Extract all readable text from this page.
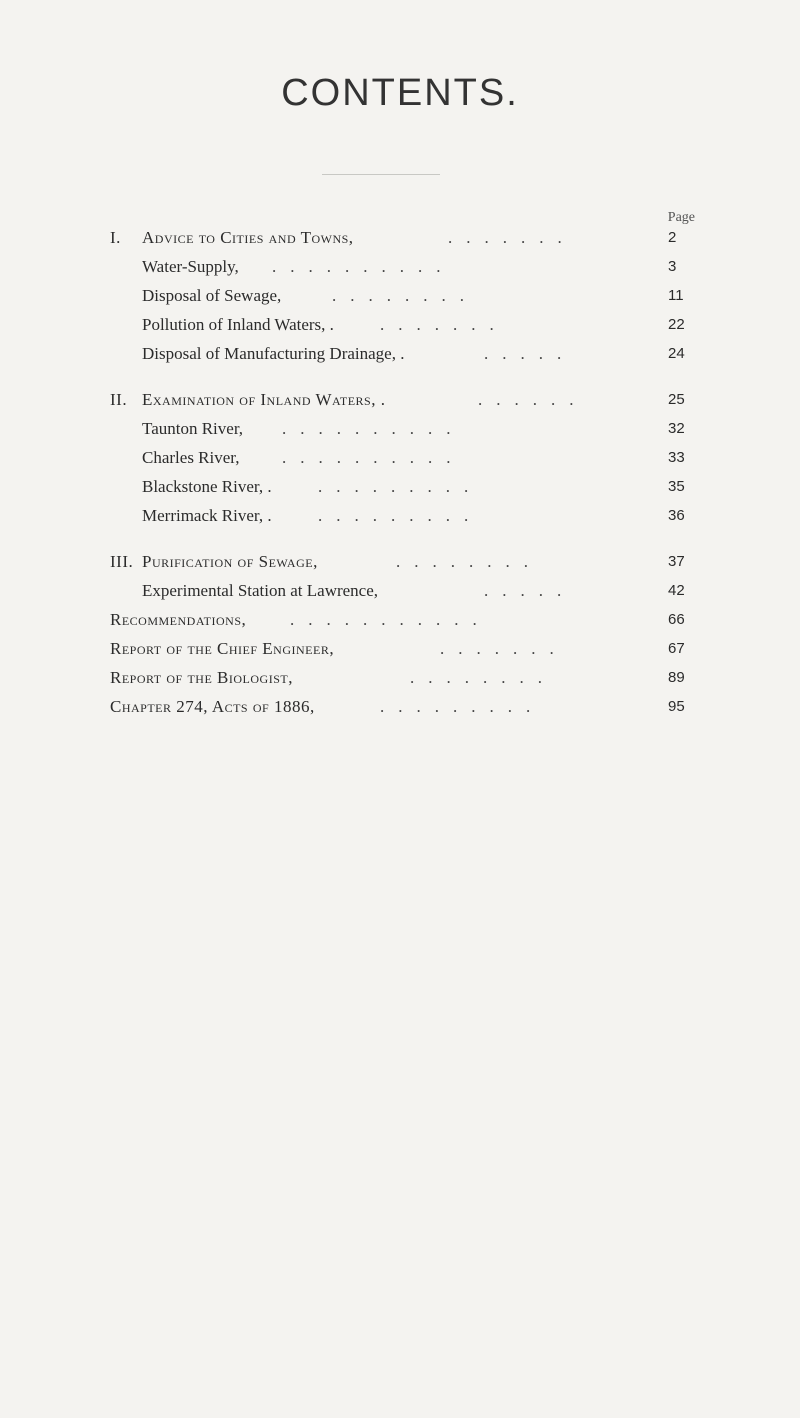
CONTENTS.
Page
I. Advice to Cities and Towns,	.......	2
Water-Supply, ..........	3
Disposal of Sewage,	........	11
Pollution of Inland Waters, .	.......	22
Disposal of Manufacturing Drainage, .	.....	24
II. Examination of Inland Waters, .	......	25
Taunton River, ..........	32
Charles River, ..........	33
Blackstone River, .	.........	35
Merrimack River, .	.........	36
III. Purification of Sewage,	........	37
Experimental Station at Lawrence,	.....	42
Recommendations,	...........	66
Report of the Chief Engineer,	.......	67
Report of the Biologist,	........	89
Chapter 274, Acts of 1886,	.........	95
